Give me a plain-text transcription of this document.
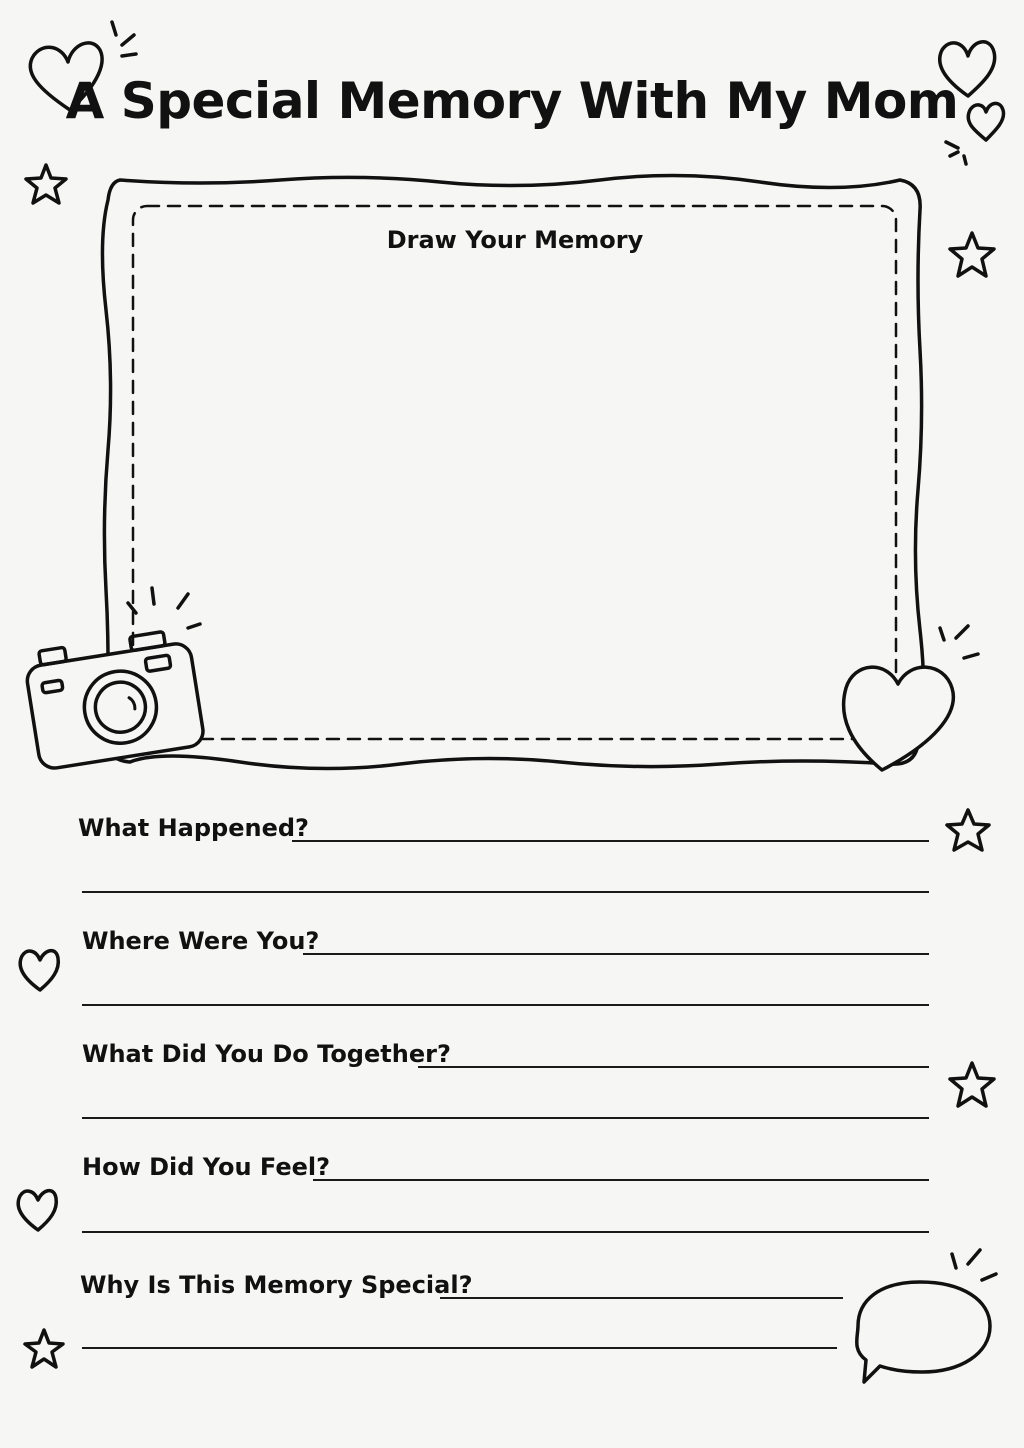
A Special Memory With My Mom
Draw Your Memory
What Happened?
Where Were You?
What Did You Do Together?
How Did You Feel?
Why Is This Memory Special?
